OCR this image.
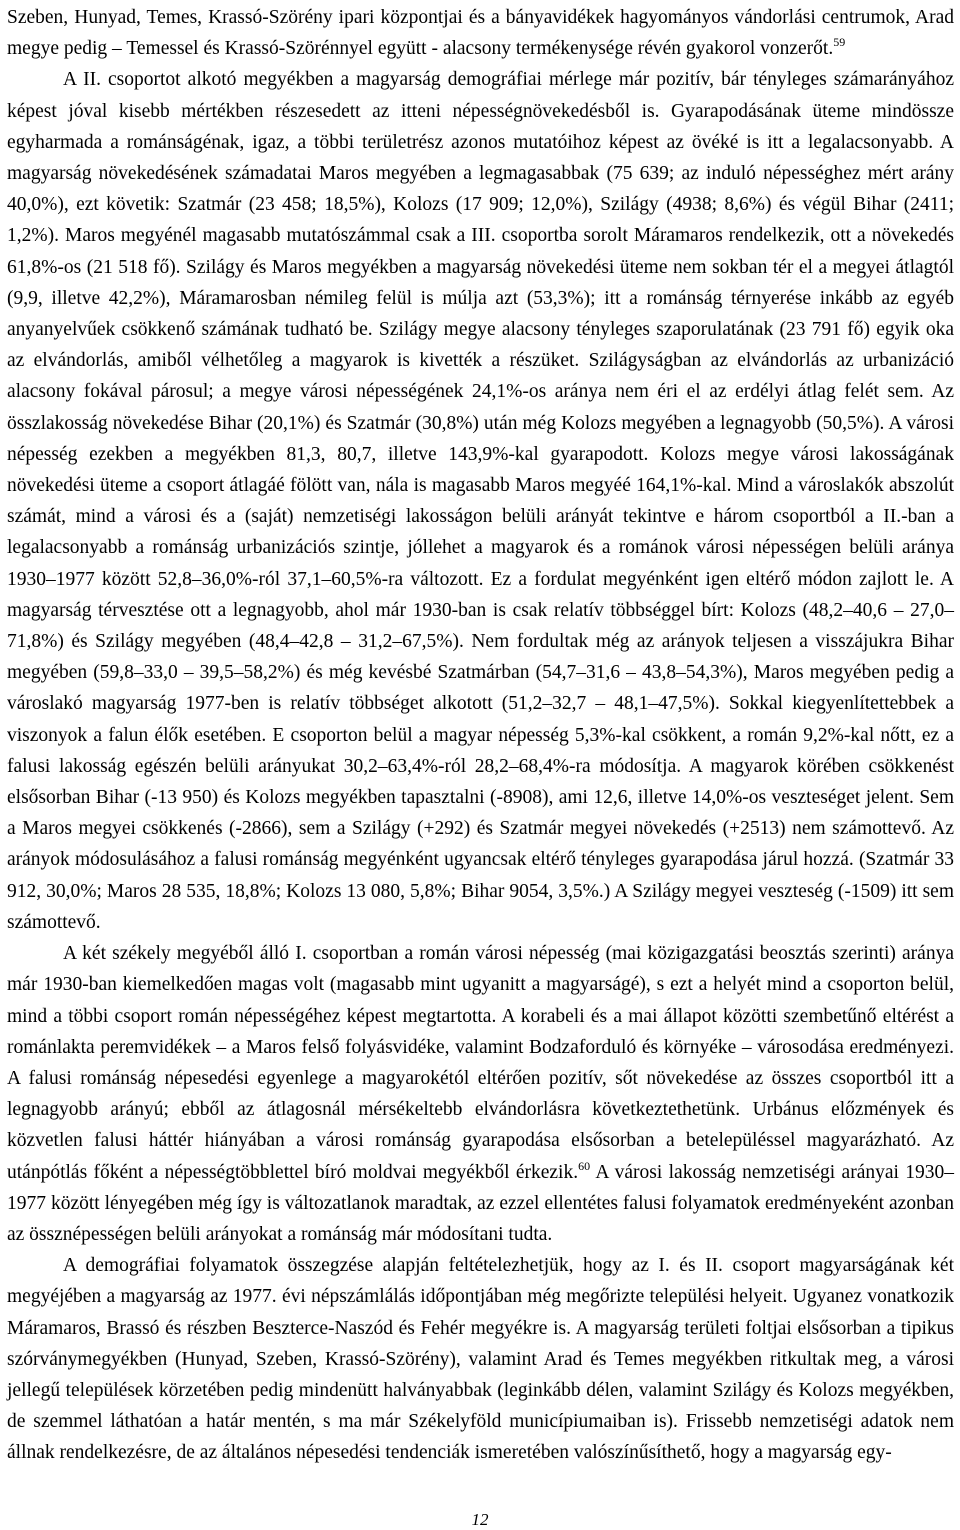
Szeben, Hunyad, Temes, Krassó-Szörény ipari központjai és a bányavidékek hagyományos vándorlási centrumok, Arad megye pedig – Temessel és Krassó-Szörénnyel együtt - alacsony termékenysége révén gyakorol vonzerőt.$^{59}$

A II. csoportot alkotó megyékben a magyarság demográfiai mérlege már pozitív, bár tényleges számarányához képest jóval kisebb mértékben részesedett az itteni népességnövekedésből is. Gyarapodásának üteme mindössze egyharmada a románságénak, igaz, a többi területrész azonos mutatóihoz képest az övéké is itt a legalacsonyabb. A magyarság növekedésének számadatai Maros megyében a legmagasabbak (75 639; az induló népességhez mért arány 40,0%), ezt követik: Szatmár (23 458; 18,5%), Kolozs (17 909; 12,0%), Szilágy (4938; 8,6%) és végül Bihar (2411; 1,2%). Maros megyénél magasabb mutatószámmal csak a III. csoportba sorolt Máramaros rendelkezik, ott a növekedés 61,8%-os (21 518 fő). Szilágy és Maros megyékben a magyarság növekedési üteme nem sokban tér el a megyei átlagtól (9,9, illetve 42,2%), Máramarosban némileg felül is múlja azt (53,3%); itt a románság térnyerése inkább az egyéb anyanyelvűek csökkenő számának tudható be. Szilágy megye alacsony tényleges szaporulatának (23 791 fő) egyik oka az elvándorlás, amiből vélhetőleg a magyarok is kivették a részüket. Szilágyságban az elvándorlás az urbanizáció alacsony fokával párosul; a megye városi népességének 24,1%-os aránya nem éri el az erdélyi átlag felét sem. Az összlakosság növekedése Bihar (20,1%) és Szatmár (30,8%) után még Kolozs megyében a legnagyobb (50,5%). A városi népesség ezekben a megyékben 81,3, 80,7, illetve 143,9%-kal gyarapodott. Kolozs megye városi lakosságának növekedési üteme a csoport átlagáé fölött van, nála is magasabb Maros megyéé 164,1%-kal. Mind a városlakók abszolút számát, mind a városi és a (saját) nemzetiségi lakosságon belüli arányát tekintve e három csoportból a II.-ban a legalacsonyabb a románság urbanizációs szintje, jóllehet a magyarok és a románok városi népességen belüli aránya 1930–1977 között 52,8–36,0%-ról 37,1–60,5%-ra változott. Ez a fordulat megyénként igen eltérő módon zajlott le. A magyarság térvesztése ott a legnagyobb, ahol már 1930-ban is csak relatív többséggel bírt: Kolozs (48,2–40,6 – 27,0–71,8%) és Szilágy megyében (48,4–42,8 – 31,2–67,5%). Nem fordultak még az arányok teljesen a visszájukra Bihar megyében (59,8–33,0 – 39,5–58,2%) és még kevésbé Szatmárban (54,7–31,6 – 43,8–54,3%), Maros megyében pedig a városlakó magyarság 1977-ben is relatív többséget alkotott (51,2–32,7 – 48,1–47,5%). Sokkal kiegyenlítettebbek a viszonyok a falun élők esetében. E csoporton belül a magyar népesség 5,3%-kal csökkent, a román 9,2%-kal nőtt, ez a falusi lakosság egészén belüli arányukat 30,2–63,4%-ról 28,2–68,4%-ra módosítja. A magyarok körében csökkenést elsősorban Bihar (-13 950) és Kolozs megyékben tapasztalni (-8908), ami 12,6, illetve 14,0%-os veszteséget jelent. Sem a Maros megyei csökkenés (-2866), sem a Szilágy (+292) és Szatmár megyei növekedés (+2513) nem számottevő. Az arányok módosulásához a falusi románság megyénként ugyancsak eltérő tényleges gyarapodása járul hozzá. (Szatmár 33 912, 30,0%; Maros 28 535, 18,8%; Kolozs 13 080, 5,8%; Bihar 9054, 3,5%.) A Szilágy megyei veszteség (-1509) itt sem számottevő.

A két székely megyéből álló I. csoportban a román városi népesség (mai közigazgatási beosztás szerinti) aránya már 1930-ban kiemelkedően magas volt (magasabb mint ugyanitt a magyarságé), s ezt a helyét mind a csoporton belül, mind a többi csoport román népességéhez képest megtartotta. A korabeli és a mai állapot közötti szembetűnő eltérést a románlakta peremvidékek – a Maros felső folyásvidéke, valamint Bodzaforduló és környéke – városodása eredményezi. A falusi románság népesedési egyenlege a magyarokétól eltérően pozitív, sőt növekedése az összes csoportból itt a legnagyobb arányú; ebből az átlagosnál mérsékeltebb elvándorlásra következtethetünk. Urbánus előzmények és közvetlen falusi háttér hiányában a városi románság gyarapodása elsősorban a betelepüléssel magyarázható. Az utánpótlás főként a népességtöbblettel bíró moldvai megyékből érkezik.$^{60}$ A városi lakosság nemzetiségi arányai 1930–1977 között lényegében még így is változatlanok maradtak, az ezzel ellentétes falusi folyamatok eredményeként azonban az össznépességen belüli arányokat a románság már módosítani tudta.

A demográfiai folyamatok összegzése alapján feltételezhetjük, hogy az I. és II. csoport magyarságának két megyéjében a magyarság az 1977. évi népszámlálás időpontjában még megőrizte települési helyeit. Ugyanez vonatkozik Máramaros, Brassó és részben Beszterce-Naszód és Fehér megyékre is. A magyarság területi foltjai elsősorban a tipikus szórványmegyékben (Hunyad, Szeben, Krassó-Szörény), valamint Arad és Temes megyékben ritkultak meg, a városi jellegű települések körzetében pedig mindenütt halványabbak (leginkább délen, valamint Szilágy és Kolozs megyékben, de szemmel láthatóan a határ mentén, s ma már Székelyföld municípiumaiban is). Frissebb nemzetiségi adatok nem állnak rendelkezésre, de az általános népesedési tendenciák ismeretében valószínűsíthető, hogy a magyarság egy-

12
